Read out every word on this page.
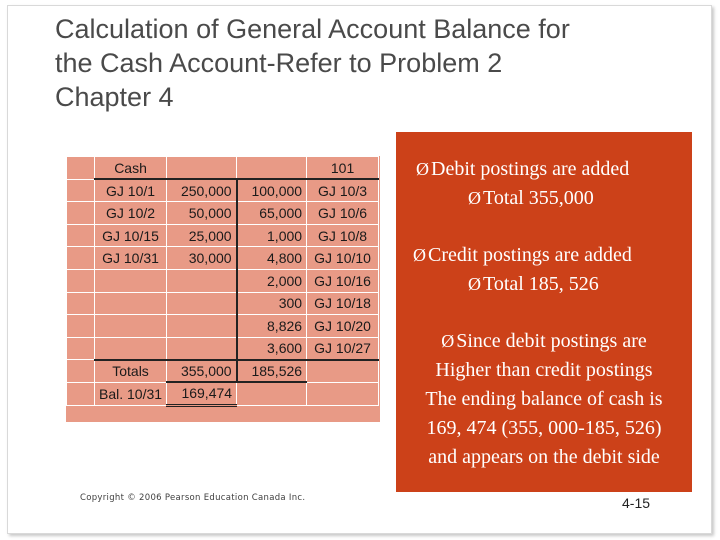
Calculation of General Account Balance for
the Cash Account-Refer to Problem 2
Chapter 4
	Cash			101
	GJ 10/1	250,000	100,000	GJ 10/3
	GJ 10/2	50,000	65,000	GJ 10/6
	GJ 10/15	25,000	1,000	GJ 10/8
	GJ 10/31	30,000	4,800	GJ 10/10
			2,000	GJ 10/16
			300	GJ 10/18
			8,826	GJ 10/20
			3,600	GJ 10/27
	Totals	355,000	185,526	
	Bal. 10/31	169,474		
Ø Debit postings are added
Ø Total 355,000
Ø Credit postings are added
Ø Total 185, 526
Ø Since debit postings are
Higher than credit postings
The ending balance of cash is
169, 474 (355, 000-185, 526)
and appears on the debit side
Copyright © 2006 Pearson Education Canada Inc.	4-15
